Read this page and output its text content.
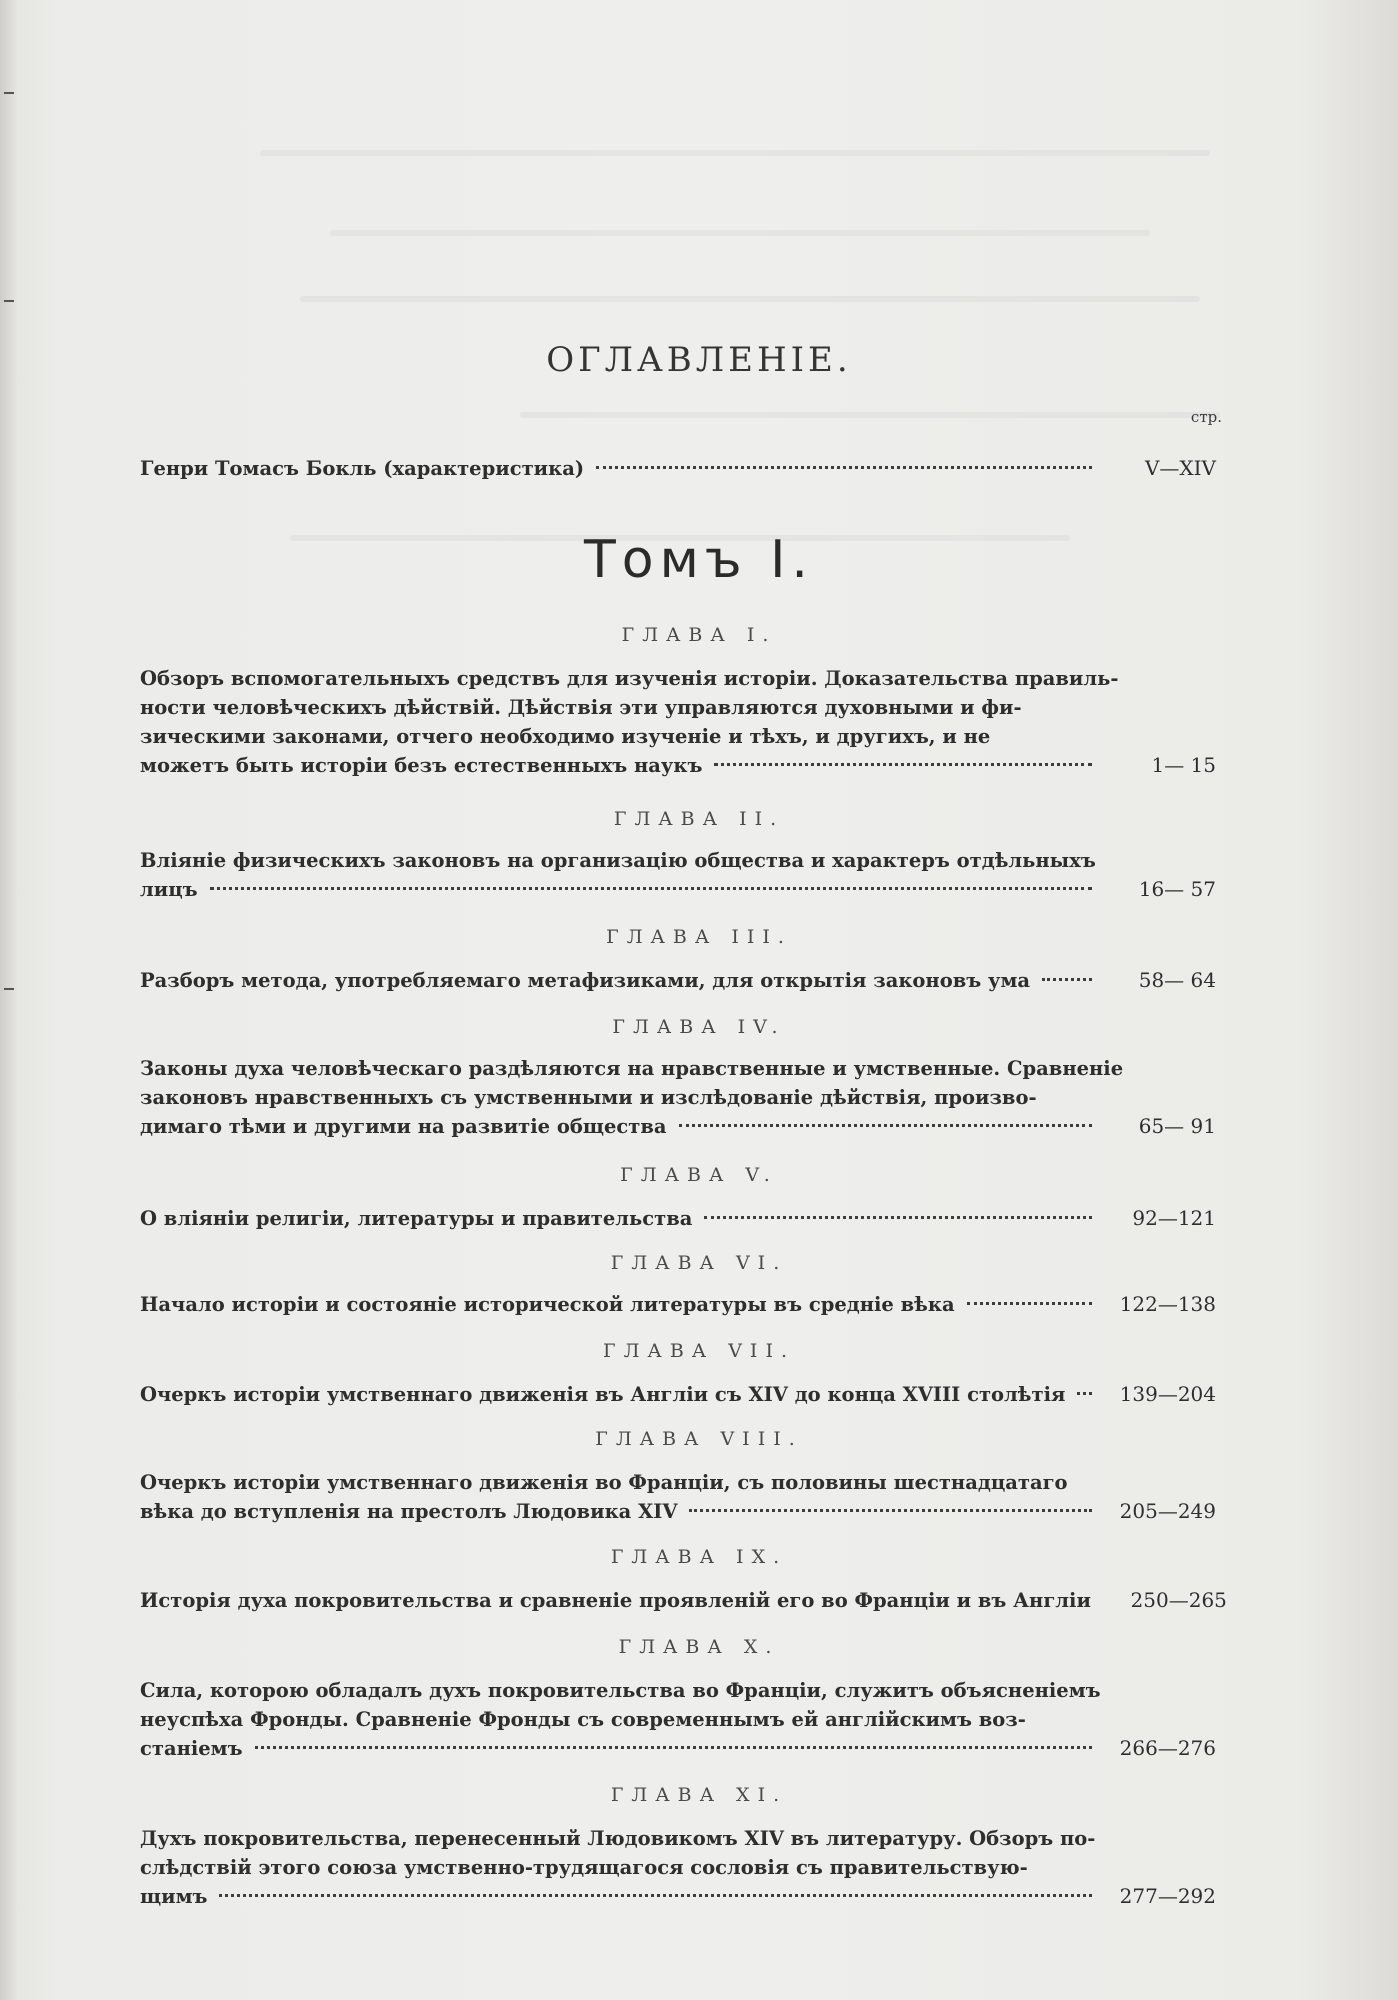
ОГЛАВЛЕНІЕ.
стр.
Генри Томасъ Бокль (характеристика)	V—XIV
Томъ I.
ГЛАВА I.
Обзоръ вспомогательныхъ средствъ для изученія исторіи. Доказательства правиль-
ности человѣческихъ дѣйствій. Дѣйствія эти управляются духовными и фи-
зическими законами, отчего необходимо изученіе и тѣхъ, и другихъ, и не
можетъ быть исторіи безъ естественныхъ наукъ	1— 15
ГЛАВА II.
Вліяніе физическихъ законовъ на организацію общества и характеръ отдѣльныхъ
лицъ	16— 57
ГЛАВА III.
Разборъ метода, употребляемаго метафизиками, для открытія законовъ ума	58— 64
ГЛАВА IV.
Законы духа человѣческаго раздѣляются на нравственные и умственные. Сравненіе
законовъ нравственныхъ съ умственными и изслѣдованіе дѣйствія, произво-
димаго тѣми и другими на развитіе общества	65— 91
ГЛАВА V.
О вліяніи религіи, литературы и правительства	92—121
ГЛАВА VI.
Начало исторіи и состояніе исторической литературы въ средніе вѣка	122—138
ГЛАВА VII.
Очеркъ исторіи умственнаго движенія въ Англіи съ XIV до конца XVIII столѣтія	139—204
ГЛАВА VIII.
Очеркъ исторіи умственнаго движенія во Франціи, съ половины шестнадцатаго
вѣка до вступленія на престолъ Людовика XIV	205—249
ГЛАВА IX.
Исторія духа покровительства и сравненіе проявленій его во Франціи и въ Англіи	250—265
ГЛАВА X.
Сила, которою обладалъ духъ покровительства во Франціи, служитъ объясненіемъ
неуспѣха Фронды. Сравненіе Фронды съ современнымъ ей англійскимъ воз-
станіемъ	266—276
ГЛАВА XI.
Духъ покровительства, перенесенный Людовикомъ XIV въ литературу. Обзоръ по-
слѣдствій этого союза умственно-трудящагося сословія съ правительствую-
щимъ	277—292
